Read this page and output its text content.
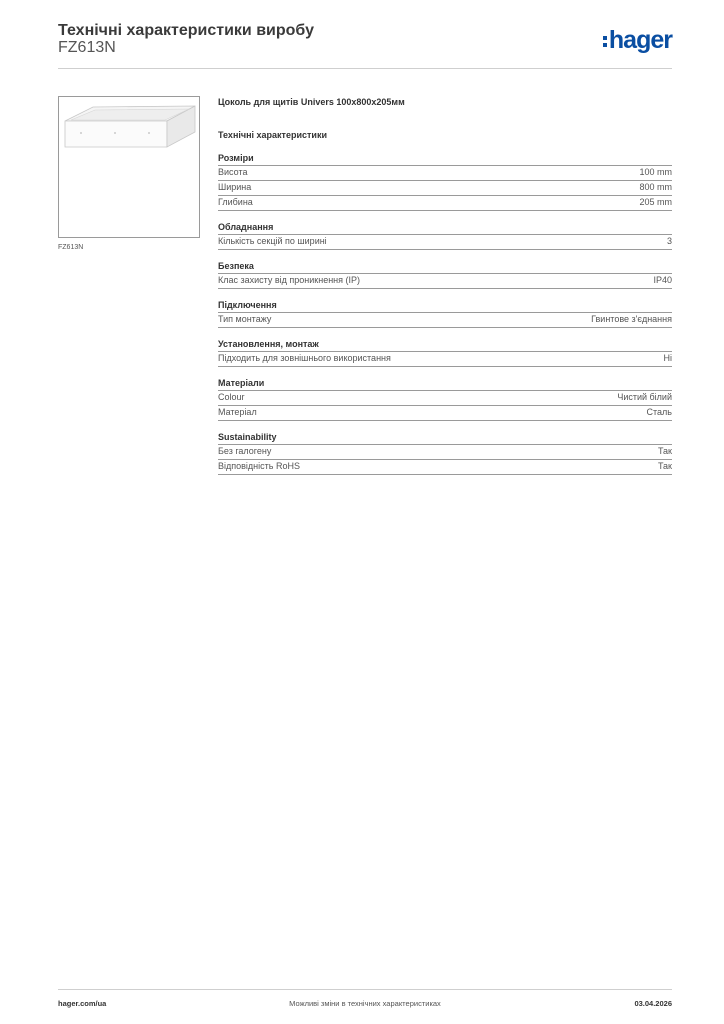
Технічні характеристики виробу
FZ613N	hager
FZ613N
Цоколь для щитів Univers 100x800x205мм
Технічні характеристики
Розміри
Висота	100 mm
Ширина	800 mm
Глибина	205 mm
Обладнання
Кількість секцій по ширині	3
Безпека
Клас захисту від проникнення (IP)	IP40
Підключення
Тип монтажу	Гвинтове з'єднання
Установлення, монтаж
Підходить для зовнішнього використання	Ні
Матеріали
Colour	Чистий білий
Матеріал	Сталь
Sustainability
Без галогену	Так
Відповідність RoHS	Так
hager.com/ua	Можливі зміни в технічних характеристиках	03.04.2026
